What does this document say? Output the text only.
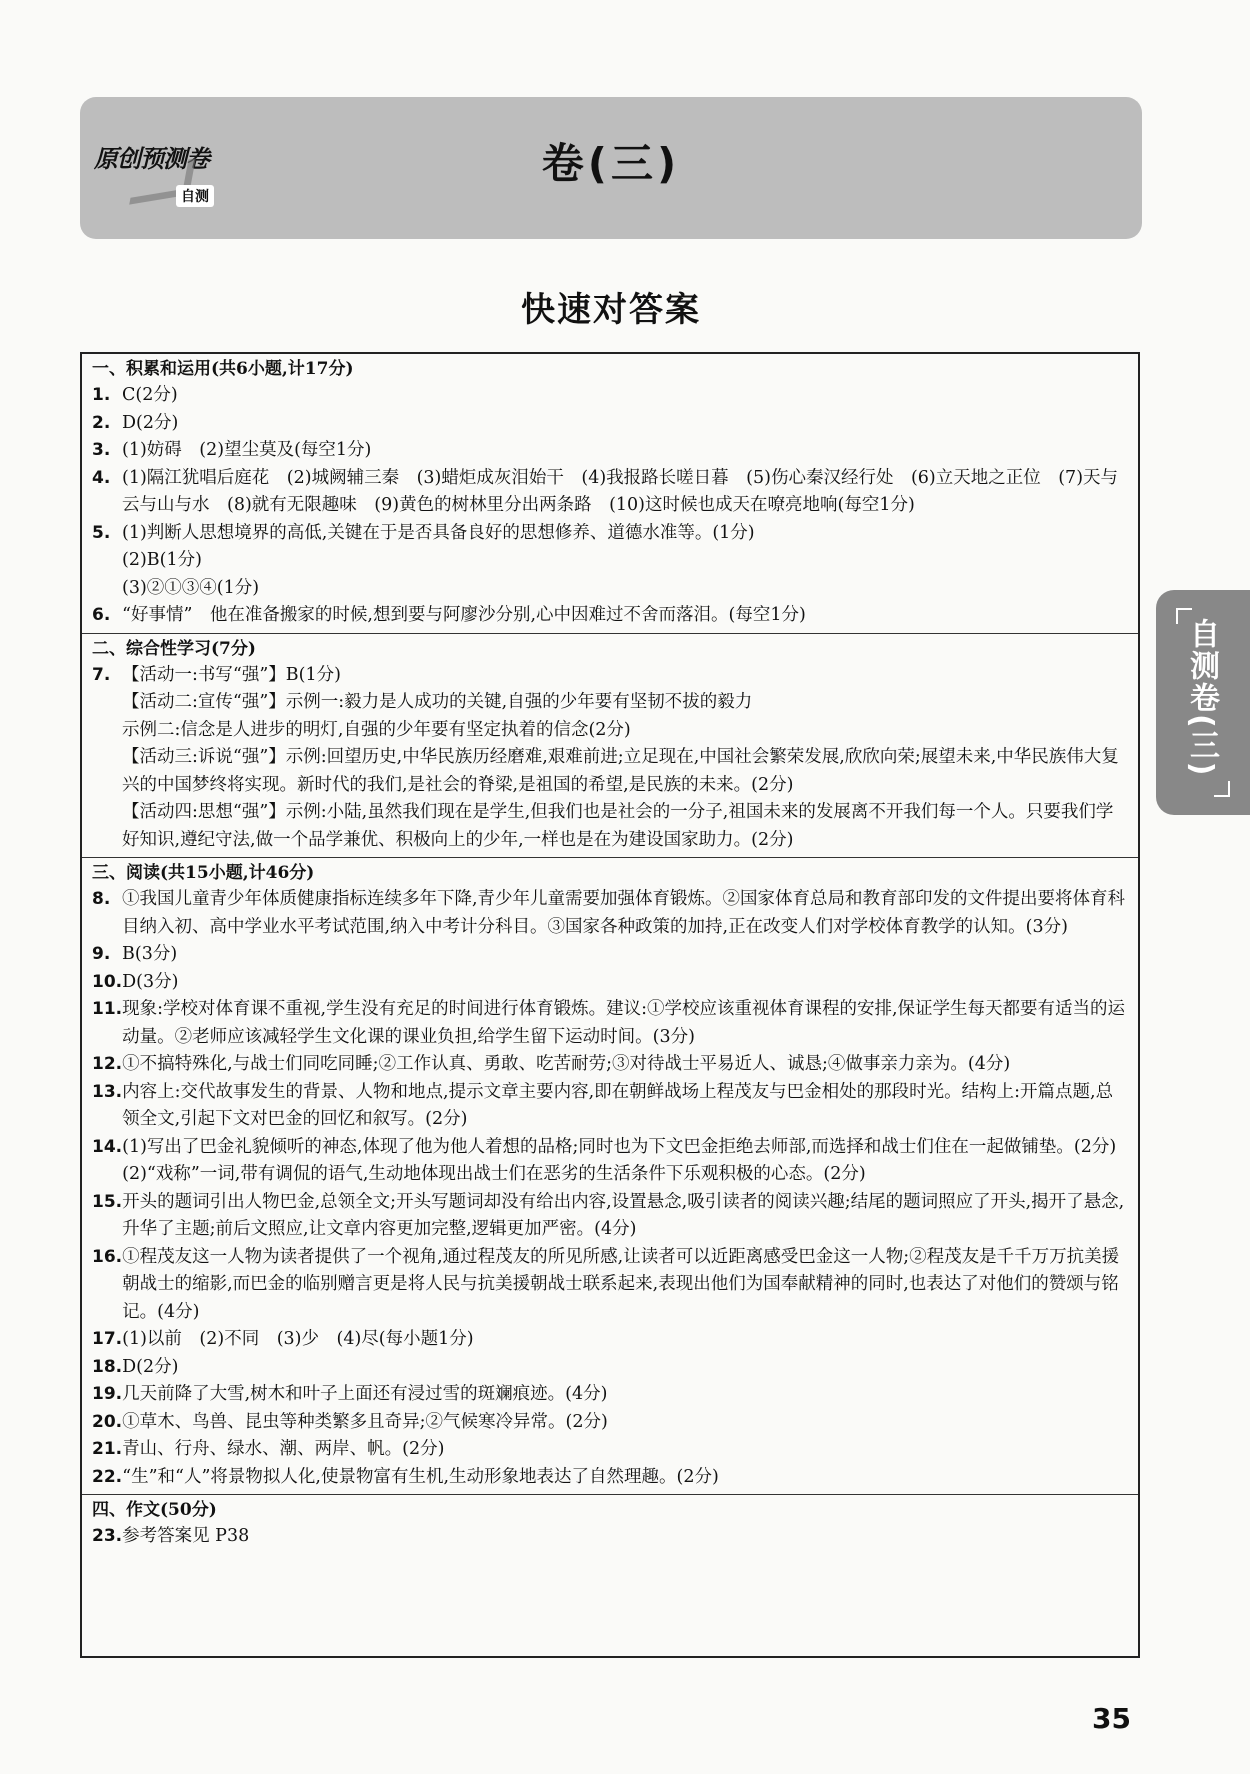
原创预测卷
自测
卷(三)
快速对答案
一、积累和运用(共6小题,计17分)
1. C(2分)
2. D(2分)
3. (1)妨碍　(2)望尘莫及(每空1分)
4. (1)隔江犹唱后庭花　(2)城阙辅三秦　(3)蜡炬成灰泪始干　(4)我报路长嗟日暮　(5)伤心秦汉经行处　(6)立天地之正位　(7)天与云与山与水　(8)就有无限趣味　(9)黄色的树林里分出两条路　(10)这时候也成天在嘹亮地响(每空1分)
5. (1)判断人思想境界的高低,关键在于是否具备良好的思想修养、道德水准等。(1分)
(2)B(1分)
(3)②①③④(1分)
6. “好事情”　他在准备搬家的时候,想到要与阿廖沙分别,心中因难过不舍而落泪。(每空1分)
二、综合性学习(7分)
7. 【活动一:书写“强”】B(1分)
【活动二:宣传“强”】示例一:毅力是人成功的关键,自强的少年要有坚韧不拔的毅力
示例二:信念是人进步的明灯,自强的少年要有坚定执着的信念(2分)
【活动三:诉说“强”】示例:回望历史,中华民族历经磨难,艰难前进;立足现在,中国社会繁荣发展,欣欣向荣;展望未来,中华民族伟大复兴的中国梦终将实现。新时代的我们,是社会的脊梁,是祖国的希望,是民族的未来。(2分)
【活动四:思想“强”】示例:小陆,虽然我们现在是学生,但我们也是社会的一分子,祖国未来的发展离不开我们每一个人。只要我们学好知识,遵纪守法,做一个品学兼优、积极向上的少年,一样也是在为建设国家助力。(2分)
三、阅读(共15小题,计46分)
8. ①我国儿童青少年体质健康指标连续多年下降,青少年儿童需要加强体育锻炼。②国家体育总局和教育部印发的文件提出要将体育科目纳入初、高中学业水平考试范围,纳入中考计分科目。③国家各种政策的加持,正在改变人们对学校体育教学的认知。(3分)
9. B(3分)
10. D(3分)
11. 现象:学校对体育课不重视,学生没有充足的时间进行体育锻炼。建议:①学校应该重视体育课程的安排,保证学生每天都要有适当的运动量。②老师应该减轻学生文化课的课业负担,给学生留下运动时间。(3分)
12. ①不搞特殊化,与战士们同吃同睡;②工作认真、勇敢、吃苦耐劳;③对待战士平易近人、诚恳;④做事亲力亲为。(4分)
13. 内容上:交代故事发生的背景、人物和地点,提示文章主要内容,即在朝鲜战场上程茂友与巴金相处的那段时光。结构上:开篇点题,总领全文,引起下文对巴金的回忆和叙写。(2分)
14. (1)写出了巴金礼貌倾听的神态,体现了他为他人着想的品格;同时也为下文巴金拒绝去师部,而选择和战士们住在一起做铺垫。(2分)
(2)“戏称”一词,带有调侃的语气,生动地体现出战士们在恶劣的生活条件下乐观积极的心态。(2分)
15. 开头的题词引出人物巴金,总领全文;开头写题词却没有给出内容,设置悬念,吸引读者的阅读兴趣;结尾的题词照应了开头,揭开了悬念,升华了主题;前后文照应,让文章内容更加完整,逻辑更加严密。(4分)
16. ①程茂友这一人物为读者提供了一个视角,通过程茂友的所见所感,让读者可以近距离感受巴金这一人物;②程茂友是千千万万抗美援朝战士的缩影,而巴金的临别赠言更是将人民与抗美援朝战士联系起来,表现出他们为国奉献精神的同时,也表达了对他们的赞颂与铭记。(4分)
17. (1)以前　(2)不同　(3)少　(4)尽(每小题1分)
18. D(2分)
19. 几天前降了大雪,树木和叶子上面还有浸过雪的斑斓痕迹。(4分)
20. ①草木、鸟兽、昆虫等种类繁多且奇异;②气候寒冷异常。(2分)
21. 青山、行舟、绿水、潮、两岸、帆。(2分)
22. “生”和“人”将景物拟人化,使景物富有生机,生动形象地表达了自然理趣。(2分)
四、作文(50分)
23. 参考答案见 P38
自测卷(三)
35
